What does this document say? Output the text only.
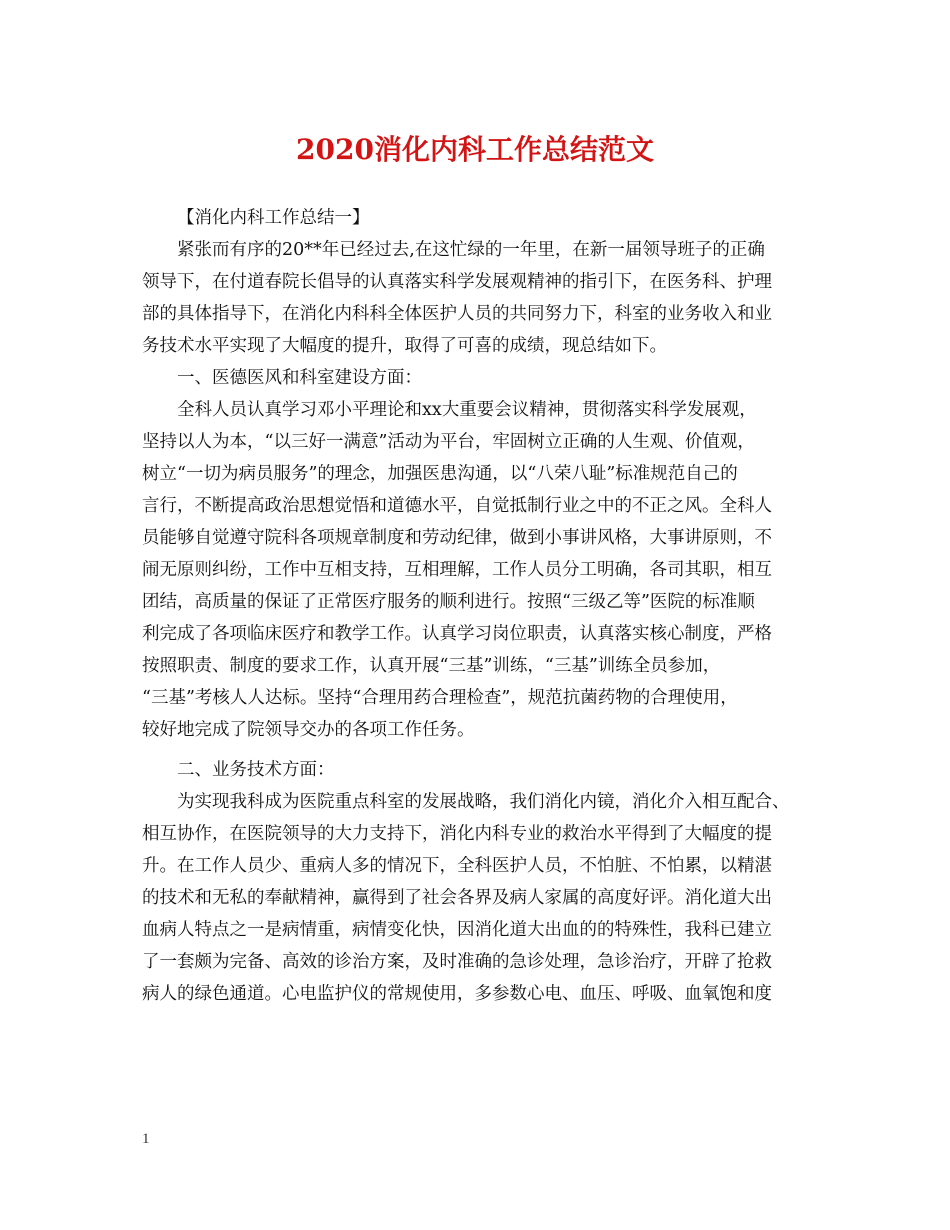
2020消化内科工作总结范文
【消化内科工作总结一】
紧张而有序的20**年已经过去,在这忙绿的一年里，在新一届领导班子的正确
领导下，在付道春院长倡导的认真落实科学发展观精神的指引下，在医务科、护理
部的具体指导下，在消化内科科全体医护人员的共同努力下，科室的业务收入和业
务技术水平实现了大幅度的提升，取得了可喜的成绩，现总结如下。
一、医德医风和科室建设方面：
全科人员认真学习邓小平理论和xx大重要会议精神，贯彻落实科学发展观，
坚持以人为本，“以三好一满意”活动为平台，牢固树立正确的人生观、价值观，
树立“一切为病员服务”的理念，加强医患沟通，以“八荣八耻”标准规范自己的
言行，不断提高政治思想觉悟和道德水平，自觉抵制行业之中的不正之风。全科人
员能够自觉遵守院科各项规章制度和劳动纪律，做到小事讲风格，大事讲原则，不
闹无原则纠纷，工作中互相支持，互相理解，工作人员分工明确，各司其职，相互
团结，高质量的保证了正常医疗服务的顺利进行。按照“三级乙等”医院的标准顺
利完成了各项临床医疗和教学工作。认真学习岗位职责，认真落实核心制度，严格
按照职责、制度的要求工作，认真开展“三基”训练，“三基”训练全员参加，
“三基”考核人人达标。坚持“合理用药合理检查”，规范抗菌药物的合理使用，
较好地完成了院领导交办的各项工作任务。
二、业务技术方面：
为实现我科成为医院重点科室的发展战略，我们消化内镜，消化介入相互配合、
相互协作，在医院领导的大力支持下，消化内科专业的救治水平得到了大幅度的提
升。在工作人员少、重病人多的情况下，全科医护人员，不怕脏、不怕累，以精湛
的技术和无私的奉献精神，赢得到了社会各界及病人家属的高度好评。消化道大出
血病人特点之一是病情重，病情变化快，因消化道大出血的的特殊性，我科已建立
了一套颇为完备、高效的诊治方案，及时准确的急诊处理，急诊治疗，开辟了抢救
病人的绿色通道。心电监护仪的常规使用，多参数心电、血压、呼吸、血氧饱和度
1
